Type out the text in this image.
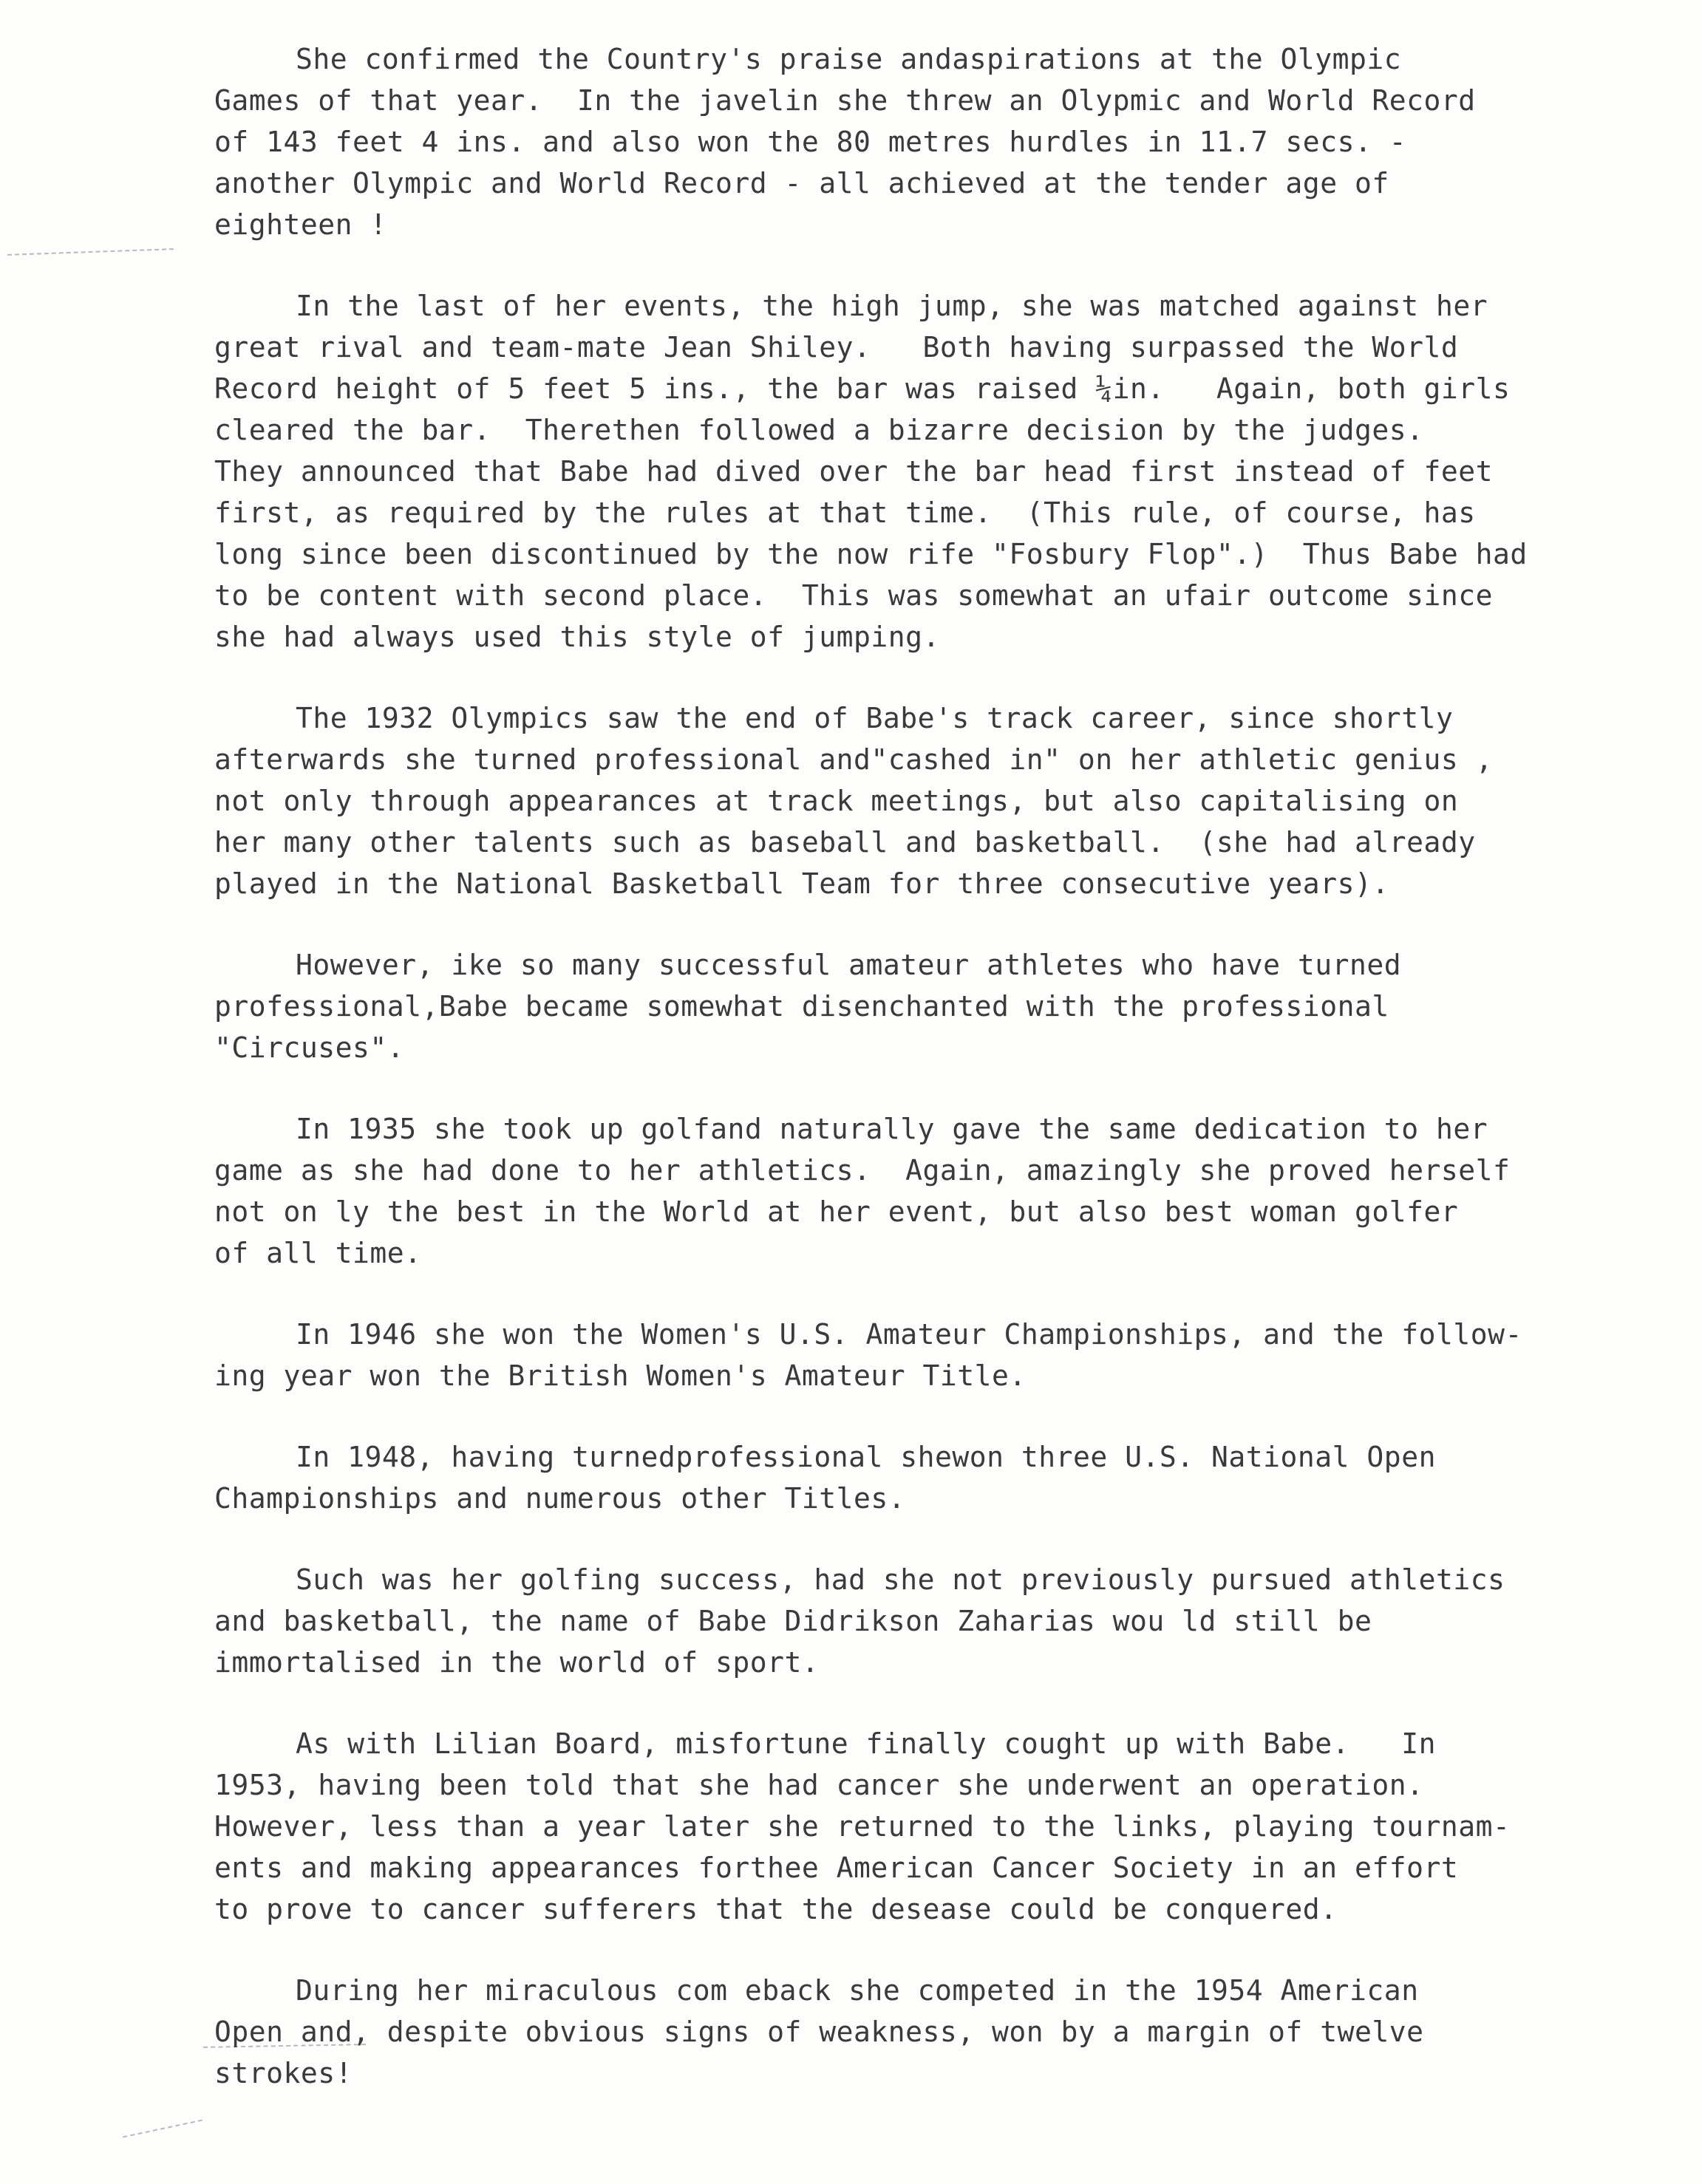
She confirmed the Country's praise andaspirations at the Olympic
Games of that year.  In the javelin she threw an Olypmic and World Record
of 143 feet 4 ins. and also won the 80 metres hurdles in 11.7 secs. -
another Olympic and World Record - all achieved at the tender age of
eighteen !
In the last of her events, the high jump, she was matched against her
great rival and team-mate Jean Shiley.   Both having surpassed the World
Record height of 5 feet 5 ins., the bar was raised ¼in.   Again, both girls
cleared the bar.  Therethen followed a bizarre decision by the judges.
They announced that Babe had dived over the bar head first instead of feet
first, as required by the rules at that time.  (This rule, of course, has
long since been discontinued by the now rife "Fosbury Flop".)  Thus Babe had
to be content with second place.  This was somewhat an ufair outcome since
she had always used this style of jumping.
The 1932 Olympics saw the end of Babe's track career, since shortly
afterwards she turned professional and"cashed in" on her athletic genius ,
not only through appearances at track meetings, but also capitalising on
her many other talents such as baseball and basketball.  (she had already
played in the National Basketball Team for three consecutive years).
However, ike so many successful amateur athletes who have turned
professional,Babe became somewhat disenchanted with the professional
"Circuses".
In 1935 she took up golfand naturally gave the same dedication to her
game as she had done to her athletics.  Again, amazingly she proved herself
not on ly the best in the World at her event, but also best woman golfer
of all time.
In 1946 she won the Women's U.S. Amateur Championships, and the follow-
ing year won the British Women's Amateur Title.
In 1948, having turnedprofessional shewon three U.S. National Open
Championships and numerous other Titles.
Such was her golfing success, had she not previously pursued athletics
and basketball, the name of Babe Didrikson Zaharias wou ld still be
immortalised in the world of sport.
As with Lilian Board, misfortune finally cought up with Babe.   In
1953, having been told that she had cancer she underwent an operation.
However, less than a year later she returned to the links, playing tournam-
ents and making appearances forthee American Cancer Society in an effort
to prove to cancer sufferers that the desease could be conquered.
During her miraculous com eback she competed in the 1954 American
Open and, despite obvious signs of weakness, won by a margin of twelve
strokes!
